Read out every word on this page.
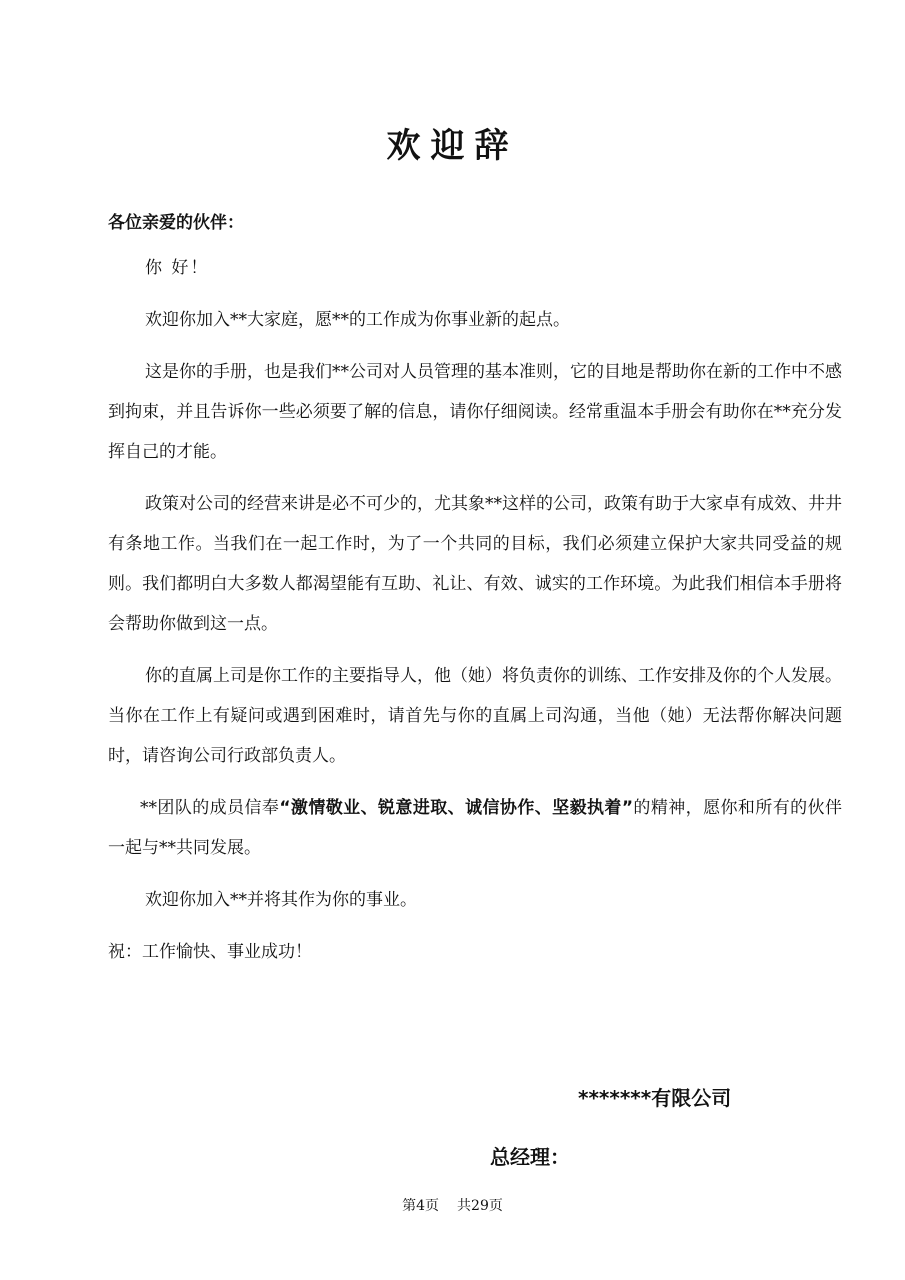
欢迎辞

各位亲爱的伙伴：

你 好！

欢迎你加入**大家庭，愿**的工作成为你事业新的起点。

这是你的手册，也是我们**公司对人员管理的基本准则，它的目地是帮助你在新的工作中不感到拘束，并且告诉你一些必须要了解的信息，请你仔细阅读。经常重温本手册会有助你在**充分发挥自己的才能。

政策对公司的经营来讲是必不可少的，尤其象**这样的公司，政策有助于大家卓有成效、井井有条地工作。当我们在一起工作时，为了一个共同的目标，我们必须建立保护大家共同受益的规则。我们都明白大多数人都渴望能有互助、礼让、有效、诚实的工作环境。为此我们相信本手册将会帮助你做到这一点。

你的直属上司是你工作的主要指导人，他（她）将负责你的训练、工作安排及你的个人发展。当你在工作上有疑问或遇到困难时，请首先与你的直属上司沟通，当他（她）无法帮你解决问题时，请咨询公司行政部负责人。

**团队的成员信奉“激情敬业、锐意进取、诚信协作、坚毅执着”的精神，愿你和所有的伙伴一起与**共同发展。

欢迎你加入**并将其作为你的事业。

祝：工作愉快、事业成功！

*******有限公司

总经理：

第4页 共29页
